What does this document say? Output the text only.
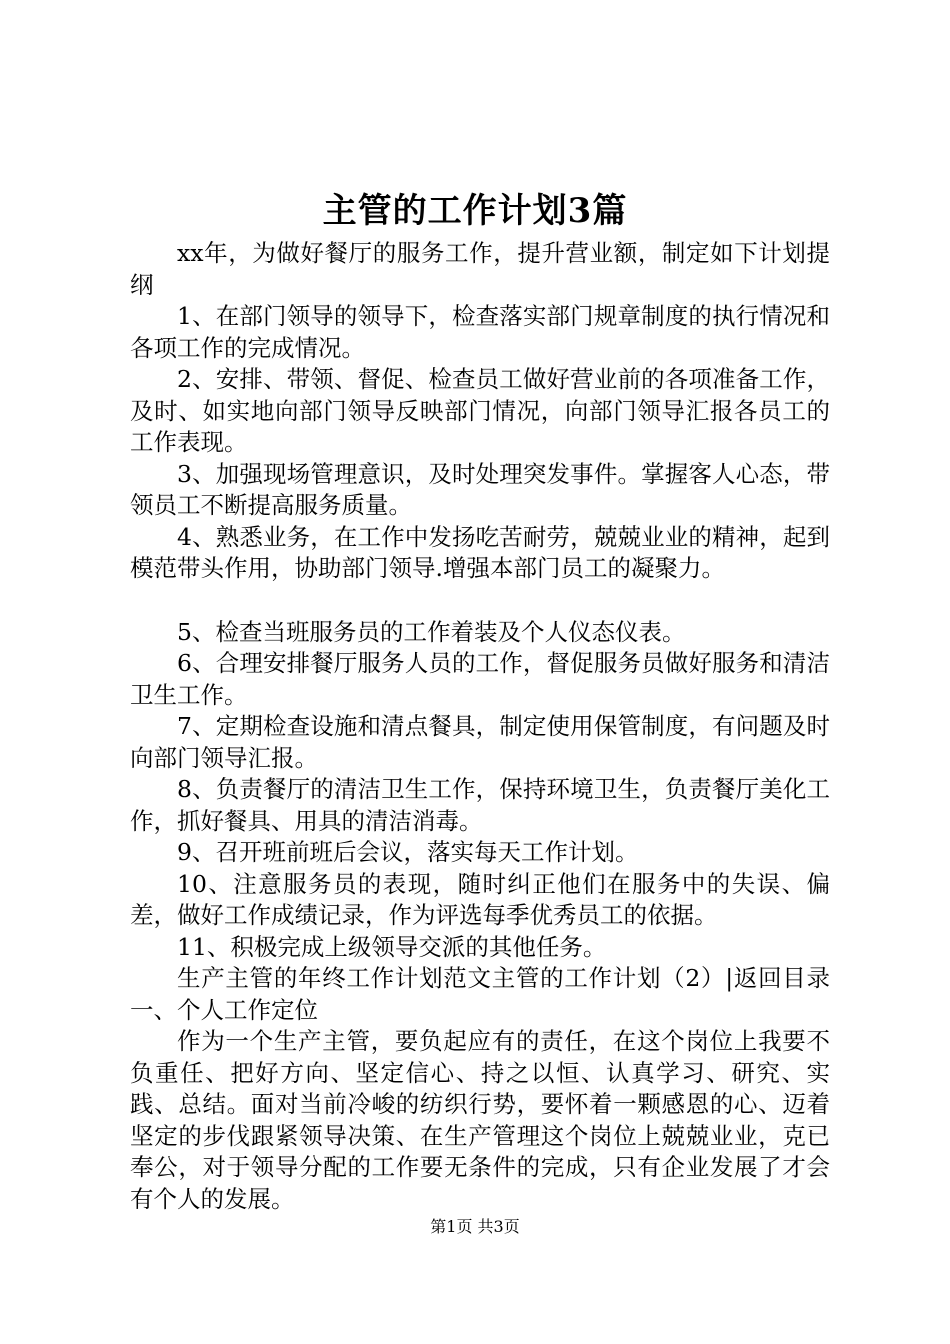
主管的工作计划3篇

xx年，为做好餐厅的服务工作，提升营业额，制定如下计划提纲

1、在部门领导的领导下，检查落实部门规章制度的执行情况和各项工作的完成情况。

2、安排、带领、督促、检查员工做好营业前的各项准备工作，及时、如实地向部门领导反映部门情况，向部门领导汇报各员工的工作表现。

3、加强现场管理意识，及时处理突发事件。掌握客人心态，带领员工不断提高服务质量。

4、熟悉业务，在工作中发扬吃苦耐劳，兢兢业业的精神，起到模范带头作用，协助部门领导.增强本部门员工的凝聚力。

5、检查当班服务员的工作着装及个人仪态仪表。

6、合理安排餐厅服务人员的工作，督促服务员做好服务和清洁卫生工作。

7、定期检查设施和清点餐具，制定使用保管制度，有问题及时向部门领导汇报。

8、负责餐厅的清洁卫生工作，保持环境卫生，负责餐厅美化工作，抓好餐具、用具的清洁消毒。

9、召开班前班后会议，落实每天工作计划。

10、注意服务员的表现，随时纠正他们在服务中的失误、偏差，做好工作成绩记录，作为评选每季优秀员工的依据。

11、积极完成上级领导交派的其他任务。

生产主管的年终工作计划范文主管的工作计划（2）|返回目录一、个人工作定位

作为一个生产主管，要负起应有的责任，在这个岗位上我要不负重任、把好方向、坚定信心、持之以恒、认真学习、研究、实践、总结。面对当前冷峻的纺织行势，要怀着一颗感恩的心、迈着坚定的步伐跟紧领导决策、在生产管理这个岗位上兢兢业业，克已奉公，对于领导分配的工作要无条件的完成，只有企业发展了才会有个人的发展。

第1页 共3页
